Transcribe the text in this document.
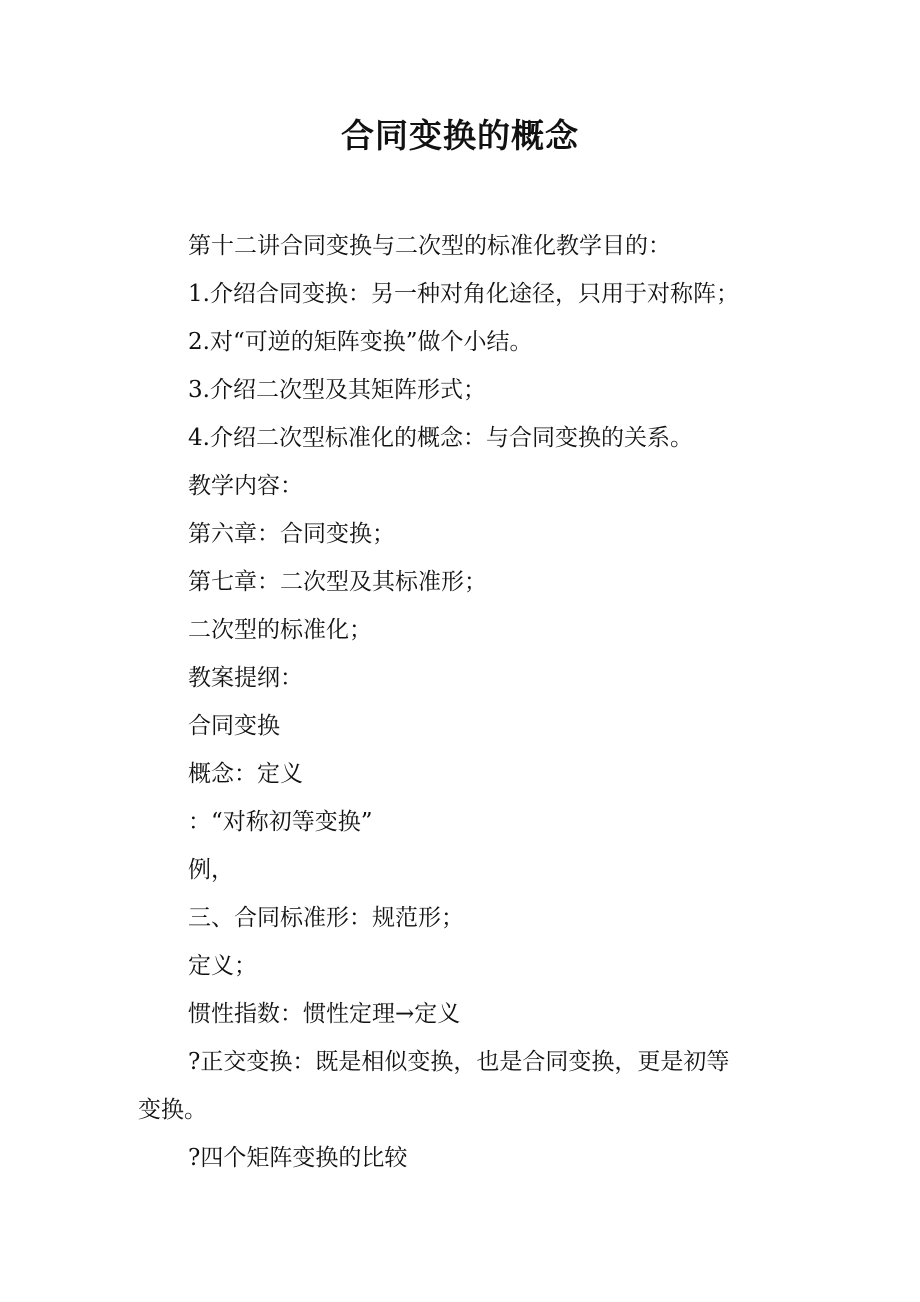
合同变换的概念

第十二讲合同变换与二次型的标准化教学目的：

1.介绍合同变换：另一种对角化途径，只用于对称阵；

2.对“可逆的矩阵变换”做个小结。

3.介绍二次型及其矩阵形式；

4.介绍二次型标准化的概念：与合同变换的关系。

教学内容：

第六章：合同变换；

第七章：二次型及其标准形；

二次型的标准化；

教案提纲：

合同变换

概念：定义

：“对称初等变换”

例，

三、合同标准形：规范形；

定义；

惯性指数：惯性定理→定义

?正交变换：既是相似变换，也是合同变换，更是初等
变换。

?四个矩阵变换的比较
